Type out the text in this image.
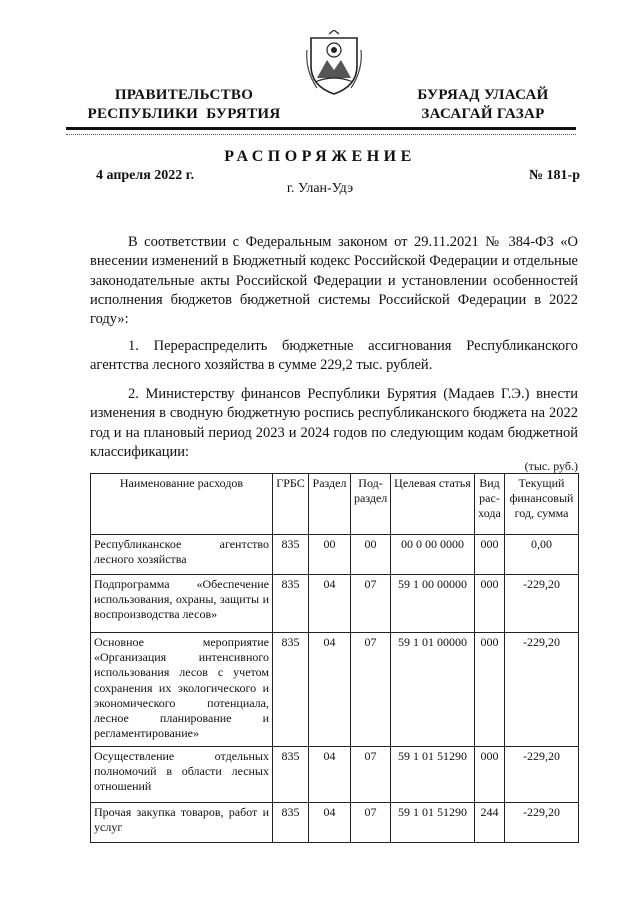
ПРАВИТЕЛЬСТВО
РЕСПУБЛИКИ  БУРЯТИЯ
БУРЯАД УЛАСАЙ
ЗАСАГАЙ ГАЗАР
РАСПОРЯЖЕНИЕ
4 апреля 2022 г.	№ 181-р
г. Улан-Удэ
В соответствии с Федеральным законом от 29.11.2021 № 384-ФЗ «О внесении изменений в Бюджетный кодекс Российской Федерации и отдельные законодательные акты Российской Федерации и установлении особенностей исполнения бюджетов бюджетной системы Российской Федерации в 2022 году»:
1. Перераспределить бюджетные ассигнования Республиканского агентства лесного хозяйства в сумме 229,2 тыс. рублей.
2. Министерству финансов Республики Бурятия (Мадаев Г.Э.) внести изменения в сводную бюджетную роспись республиканского бюджета на 2022 год и на плановый период 2023 и 2024 годов по следующим кодам бюджетной классификации:
(тыс. руб.)
Наименование расходов	ГРБС	Раздел	Под-раздел	Целевая статья	Вид рас-хода	Текущий финансовый год, сумма
Республиканское агентство лесного хозяйства	835	00	00	00 0 00 0000	000	0,00
Подпрограмма «Обеспечение использования, охраны, защиты и воспроизводства лесов»	835	04	07	59 1 00 00000	000	-229,20
Основное мероприятие «Организация интенсивного использования лесов с учетом сохранения их экологического и экономического потенциала, лесное планирование и регламентирование»	835	04	07	59 1 01 00000	000	-229,20
Осуществление отдельных полномочий в области лесных отношений	835	04	07	59 1 01 51290	000	-229,20
Прочая закупка товаров, работ и услуг	835	04	07	59 1 01 51290	244	-229,20
